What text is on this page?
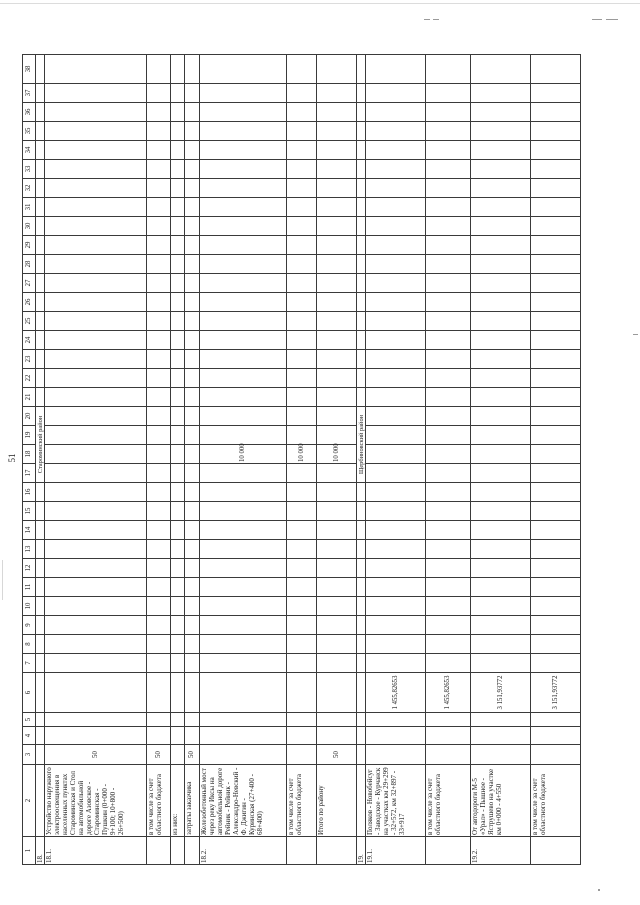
51
1	2	3	4	5	6	7	8	9	10	11	12	13	14	15	16	17	18	19	20	21	22	23	24	25	26	27	28	29	30	31	32	33	34	35	36	37	38
18.																Староминский район																					
18.1.	Устройство наружного электроосвещения в населенных пунктах Староминская и Стол на автомобильной дороге Азовское - Староминская - Пушкин (0+000 - 9+100; 10+800 - 26+500)	50																																			
	в том числе за счет областного бюджета	50																																			
	из них:																																				
	затраты заказчика	50																																			
18.2.	Железобетонный мост через реку Иксы на автомобильной дороге Рейник - Рейник - Александро-Невский - Ф. Джигин - Куринская (27+400 - 68+400)																10 000																				
	в том числе за счет областного бюджета																10 000																				
	Итого по району	50															10 000																				
19.																Щербиновский район																					
19.1.	Поляков - Новобейсуг - Заводское - Курчанск на участках км 29+299 - 32+572, км 32+897 - 33+917				1 455,82653																																
	в том числе за счет областного бюджета				1 455,82653																																
19.2.	От автодороги М-5 «Урал» - Пышное - Яструшево на участке км 0+000 - 4+550				3 151,93772																																
	в том числе за счет областного бюджета				3 151,93772																																
